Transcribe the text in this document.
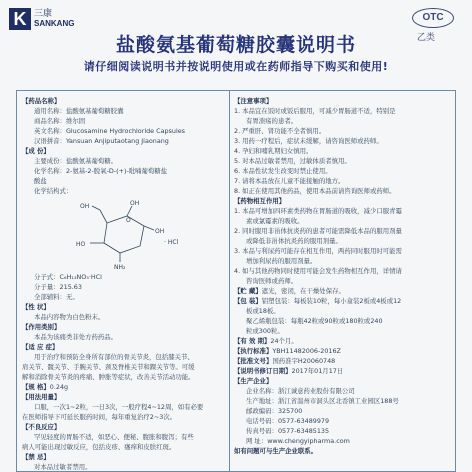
K 三康
SANKANG
OTC
乙类
盐酸氨基葡萄糖胶囊说明书
请仔细阅读说明书并按说明使用或在药师指导下购买和使用!
【药品名称】
通用名称：盐酸氨基葡萄糖胶囊
商品名称：维尔固
英文名称：Glucosamine Hydrochloride Capsules
汉语拼音：Yansuan Anjiputaotang Jiaonang
【成 份】
主要成份：盐酸氨基葡萄糖。
化学名称：2-氨基-2-脱氧-D-(+)-吡喃葡萄糖盐
酸盐
化学结构式：
O
OH	OH
OH
HO
NH₂
· HCl
分子式：C₆H₁₃NO₅·HCl
分子量：215.63
全部辅料：无。
【性 状】
本品内容物为白色粉末。
【作用类别】
本品为该痛类非处方药药品。
【适 应 症】
用于治疗和预防全身所有部位的骨关节炎，包括膝关节、
肩关节、髋关节、手腕关节、颈及脊椎关节和踝关节等。可缓
解和消除骨关节炎的疼痛、肿胀等症状，改善关节活动功能。
【规 格】0.24g
【用法用量】
口服，一次1~2粒，一日3次，一般疗程4~12周，如有必要
在医师指导下可延长服药时间，每年重复治疗2~3次。
【不良反应】
罕见轻度的胃肠不适，如恶心、便秘、腹胀和腹泻；有些
病人可能出现过敏反应，包括皮疹、瘙痒和皮肤红斑。
【禁 忌】
对本品过敏者禁用。
【注意事项】
1. 本品宜在饭时或饭后服用，可减少胃肠道不适，特别是
有胃溃疡的患者。
2. 严重肝、肾功能不全者慎用。
3. 用药一疗程后，症状未缓解，请咨询医师或药师。
4. 孕妇和哺乳期妇女慎用。
5. 对本品过敏者禁用，过敏体质者慎用。
6. 本品性状发生改变时禁止使用。
7. 请将本品放在儿童不能接触的地方。
8. 如正在使用其他药品，使用本品前请咨询医师或药师。
【药物相互作用】
1. 本品可增加四环素类药物在胃肠道的吸收，减少口服青霉
素或氯霉素的吸收。
2. 同时服用非甾体抗炎药的患者可能需降低本品的服用剂量
或降低非甾体抗炎药的服用剂量。
3. 本品与利尿药可能存在相互作用，两药同时服用时可能需
增加利尿药的服用剂量。
4. 如与其他药物同时使用可能会发生药物相互作用，详情请
咨询医师或药师。
【贮 藏】遮光，密闭，在干燥处保存。
【包 装】铝塑包装：每板装10粒，每小盒装2板或4板或12
板或18板。
聚乙烯瓶包装：每瓶42粒或90粒或180粒或240
粒或300粒。
【有 效 期】24个月。
【执行标准】YBH11482006-2016Z
【批准文号】国药准字H20060748
【说明书修订日期】2017年01月17日
【生产企业】
企业名称：浙江诚意药业股份有限公司
生产地址：浙江省温州市洞头区北岙镇工业园区188号
邮政编码：325700
电话号码：0577-63489979
传真号码：0577-63485135
网 址：www.chengyipharma.com
如有问题可与生产企业联系。
